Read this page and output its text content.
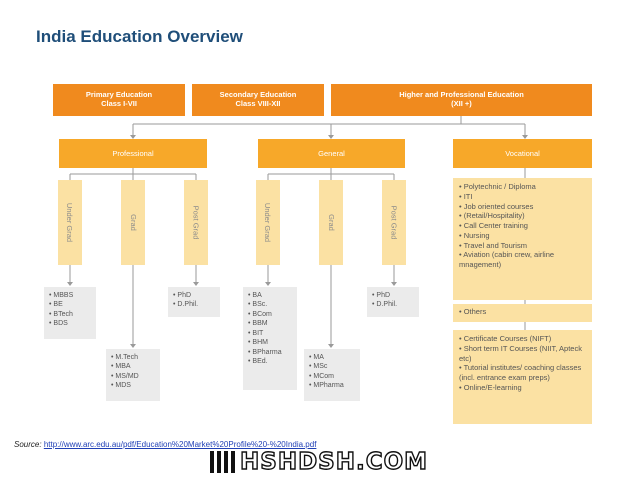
India Education Overview
Primary Education
Class I-VII
Secondary Education
Class VIII-XII
Higher and Professional Education
(XII +)
Professional	General	Vocational
Under Grad	Grad	Post Grad	Under Grad	Grad	Post Grad
• MBBS
• BE
• BTech
• BDS
• M.Tech
• MBA
• MS/MD
• MDS
• PhD
• D.Phil.
• BA
• BSc.
• BCom
• BBM
• BIT
• BHM
• BPharma
• BEd.
• MA
• MSc
• MCom
• MPharma
• PhD
• D.Phil.
• Polytechnic / Diploma
• ITI
• Job oriented courses
• (Retail/Hospitality)
• Call Center training
• Nursing
• Travel and Tourism
• Aviation (cabin crew, airline mnagement)
• Others
• Certificate Courses (NIFT)
• Short term IT Courses (NIIT, Apteck etc)
• Tutorial institutes/ coaching classes (incl. entrance exam preps)
• Online/E-learning
Source: http://www.arc.edu.au/pdf/Education%20Market%20Profile%20-%20India.pdf
HSHDSH.COM
